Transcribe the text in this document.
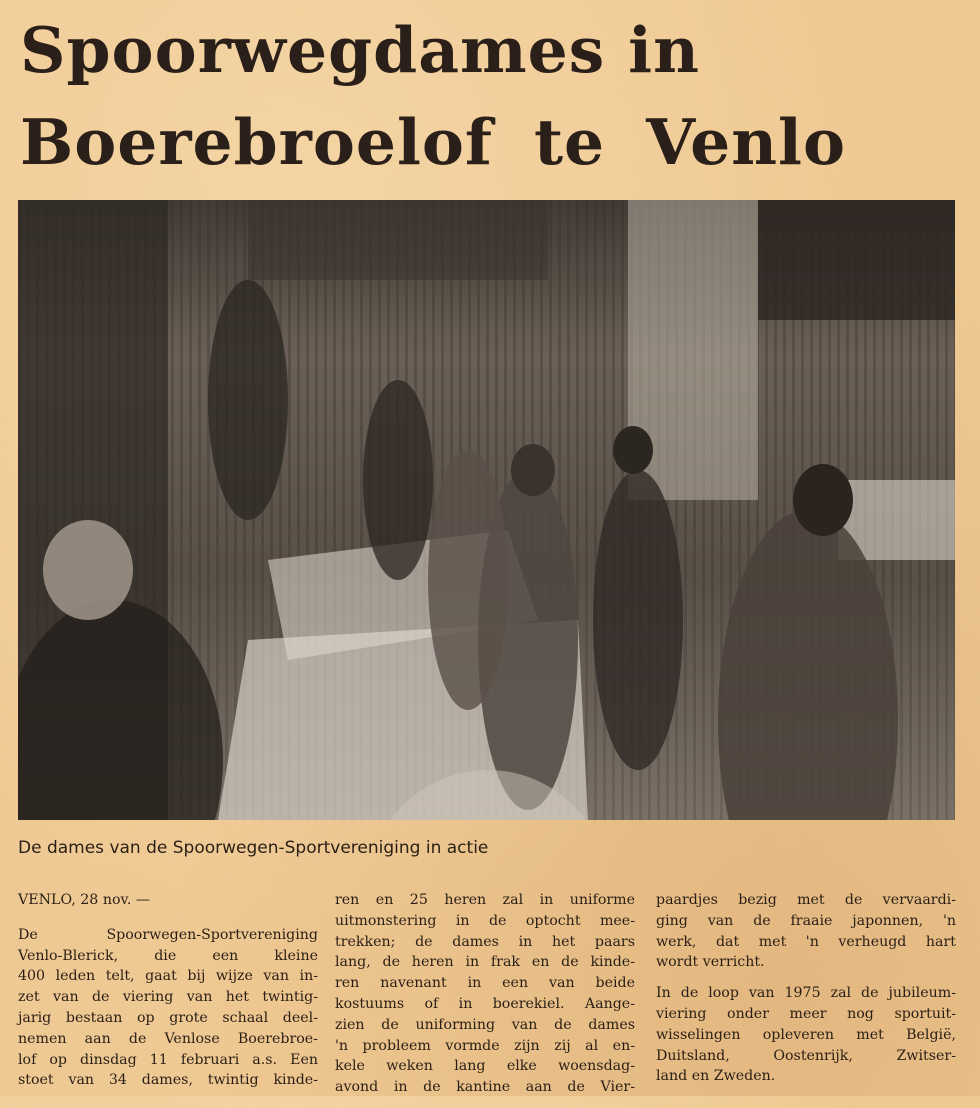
Spoorwegdames in
Boerebroelof te Venlo
De dames van de Spoorwegen-Sportvereniging in actie

VENLO, 28 nov. —

De Spoorwegen-Sportvereniging
Venlo-Blerick, die een kleine
400 leden telt, gaat bij wijze van in-
zet van de viering van het twintig-
jarig bestaan op grote schaal deel-
nemen aan de Venlose Boerebroe-
lof op dinsdag 11 februari a.s. Een
stoet van 34 dames, twintig kinde-

ren en 25 heren zal in uniforme
uitmonstering in de optocht mee-
trekken; de dames in het paars
lang, de heren in frak en de kinde-
ren navenant in een van beide
kostuums of in boerekiel. Aange-
zien de uniforming van de dames
'n probleem vormde zijn zij al en-
kele weken lang elke woensdag-
avond in de kantine aan de Vier-

paardjes bezig met de vervaardi-
ging van de fraaie japonnen, 'n
werk, dat met 'n verheugd hart
wordt verricht.

In de loop van 1975 zal de jubileum-
viering onder meer nog sportuit-
wisselingen opleveren met België,
Duitsland, Oostenrijk, Zwitser-
land en Zweden.
